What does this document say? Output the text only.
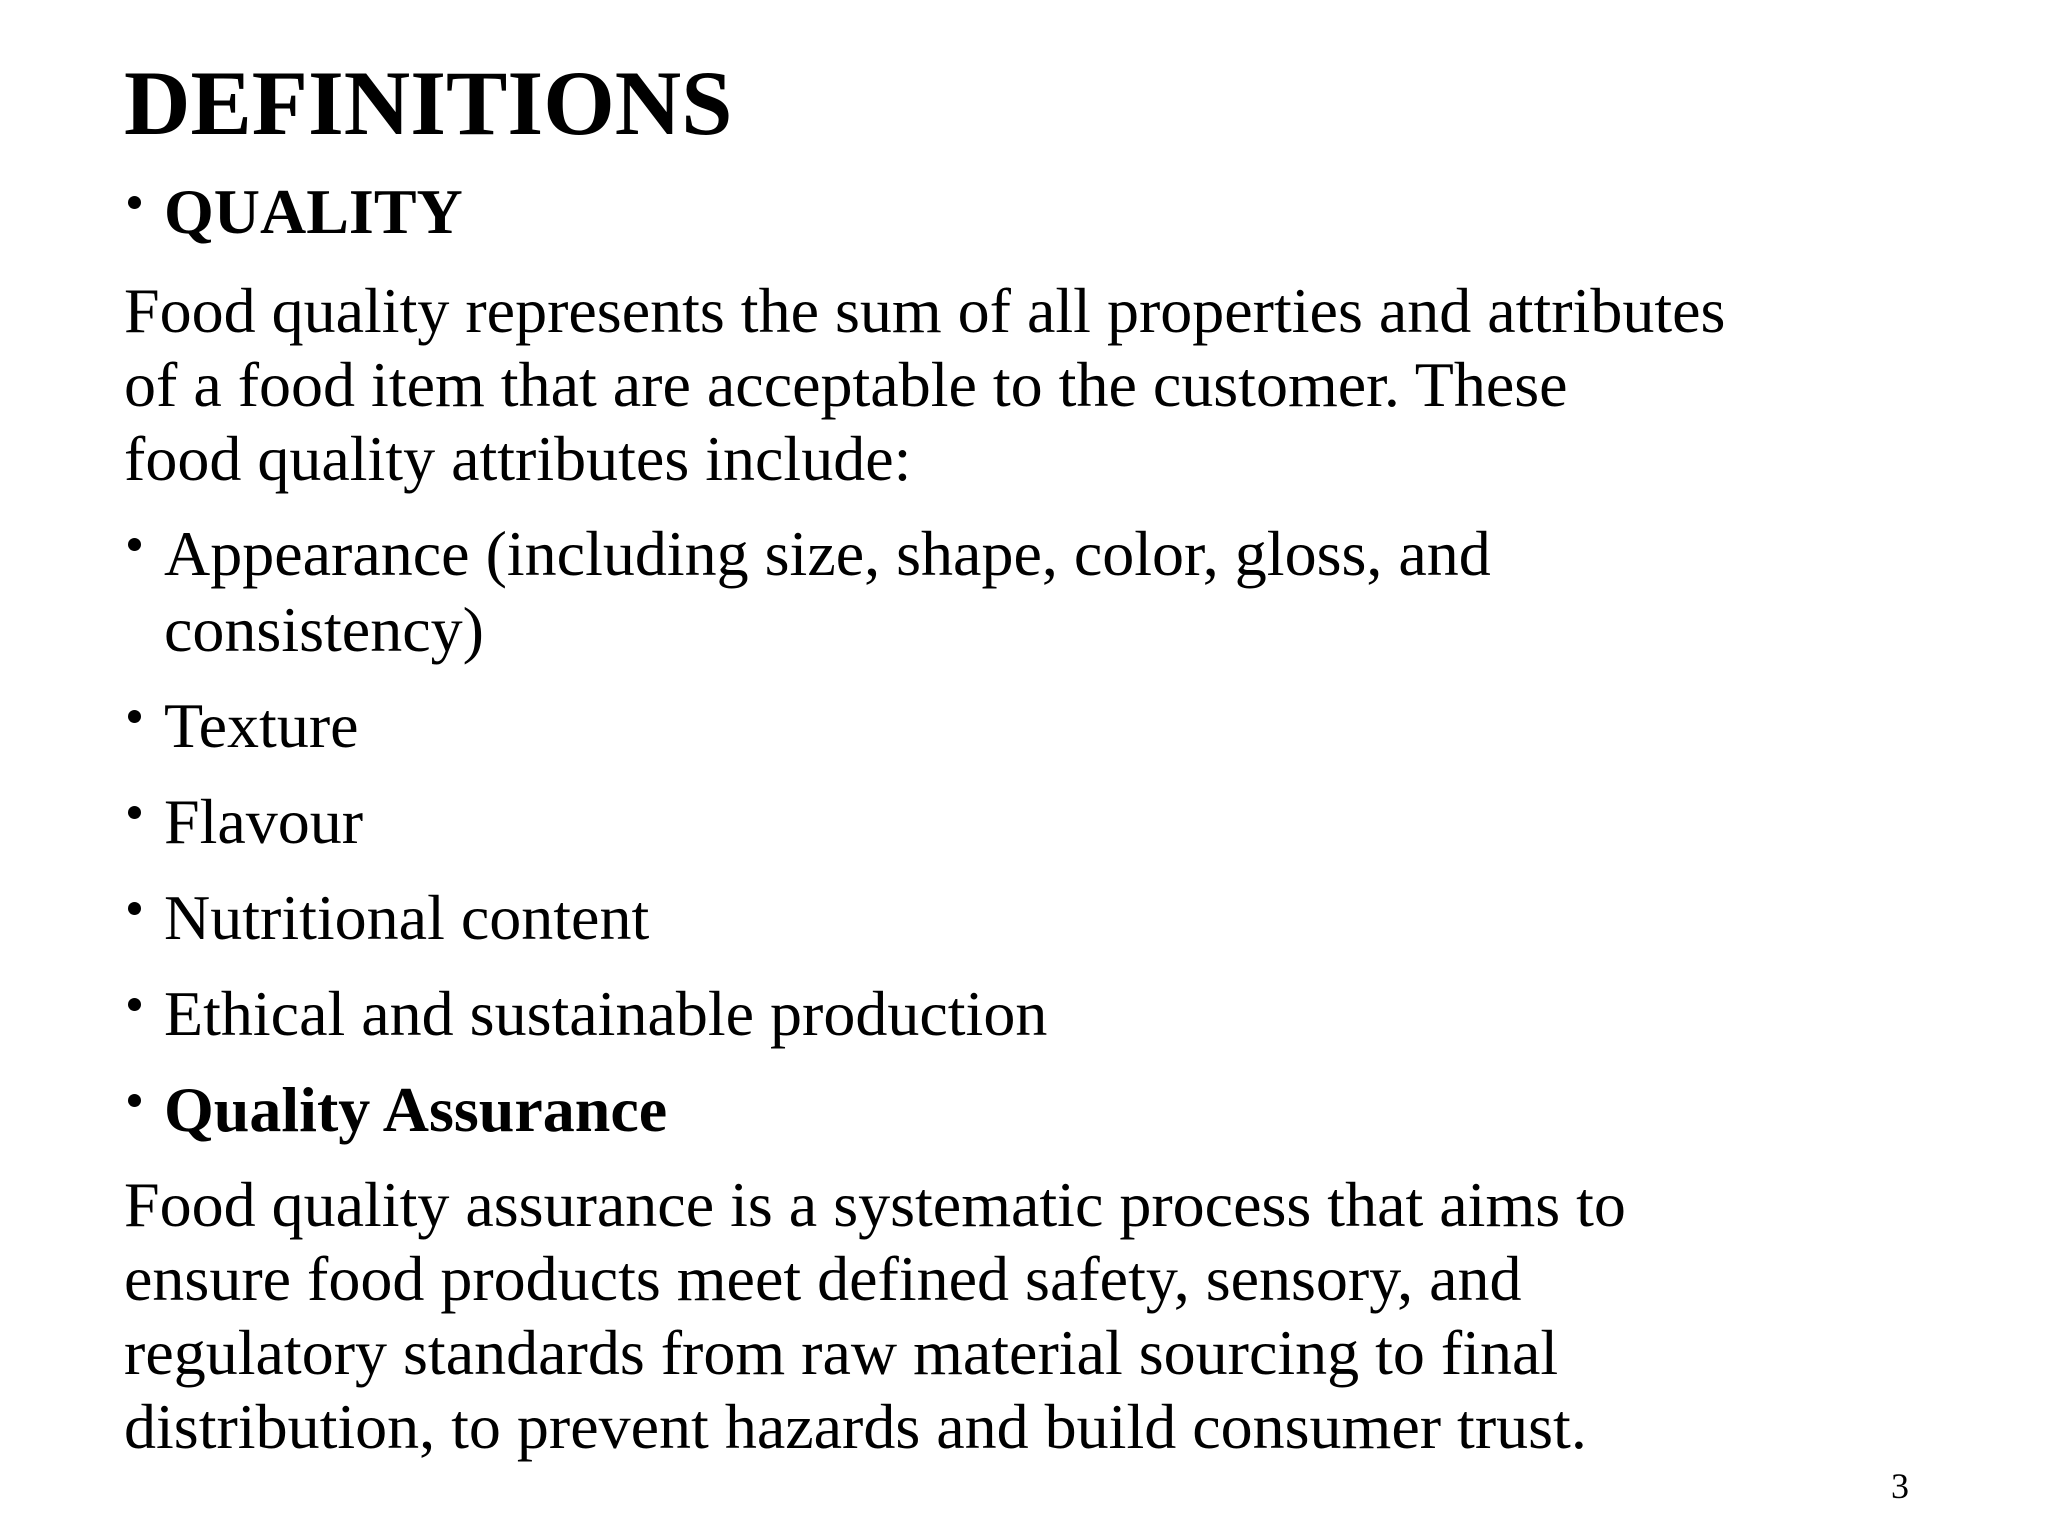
DEFINITIONS
QUALITY
Food quality represents the sum of all properties and attributes
of a food item that are acceptable to the customer. These
food quality attributes include:
Appearance (including size, shape, color, gloss, and
consistency)
Texture
Flavour
Nutritional content
Ethical and sustainable production
Quality Assurance
Food quality assurance is a systematic process that aims to
ensure food products meet defined safety, sensory, and
regulatory standards from raw material sourcing to final
distribution, to prevent hazards and build consumer trust.
3
